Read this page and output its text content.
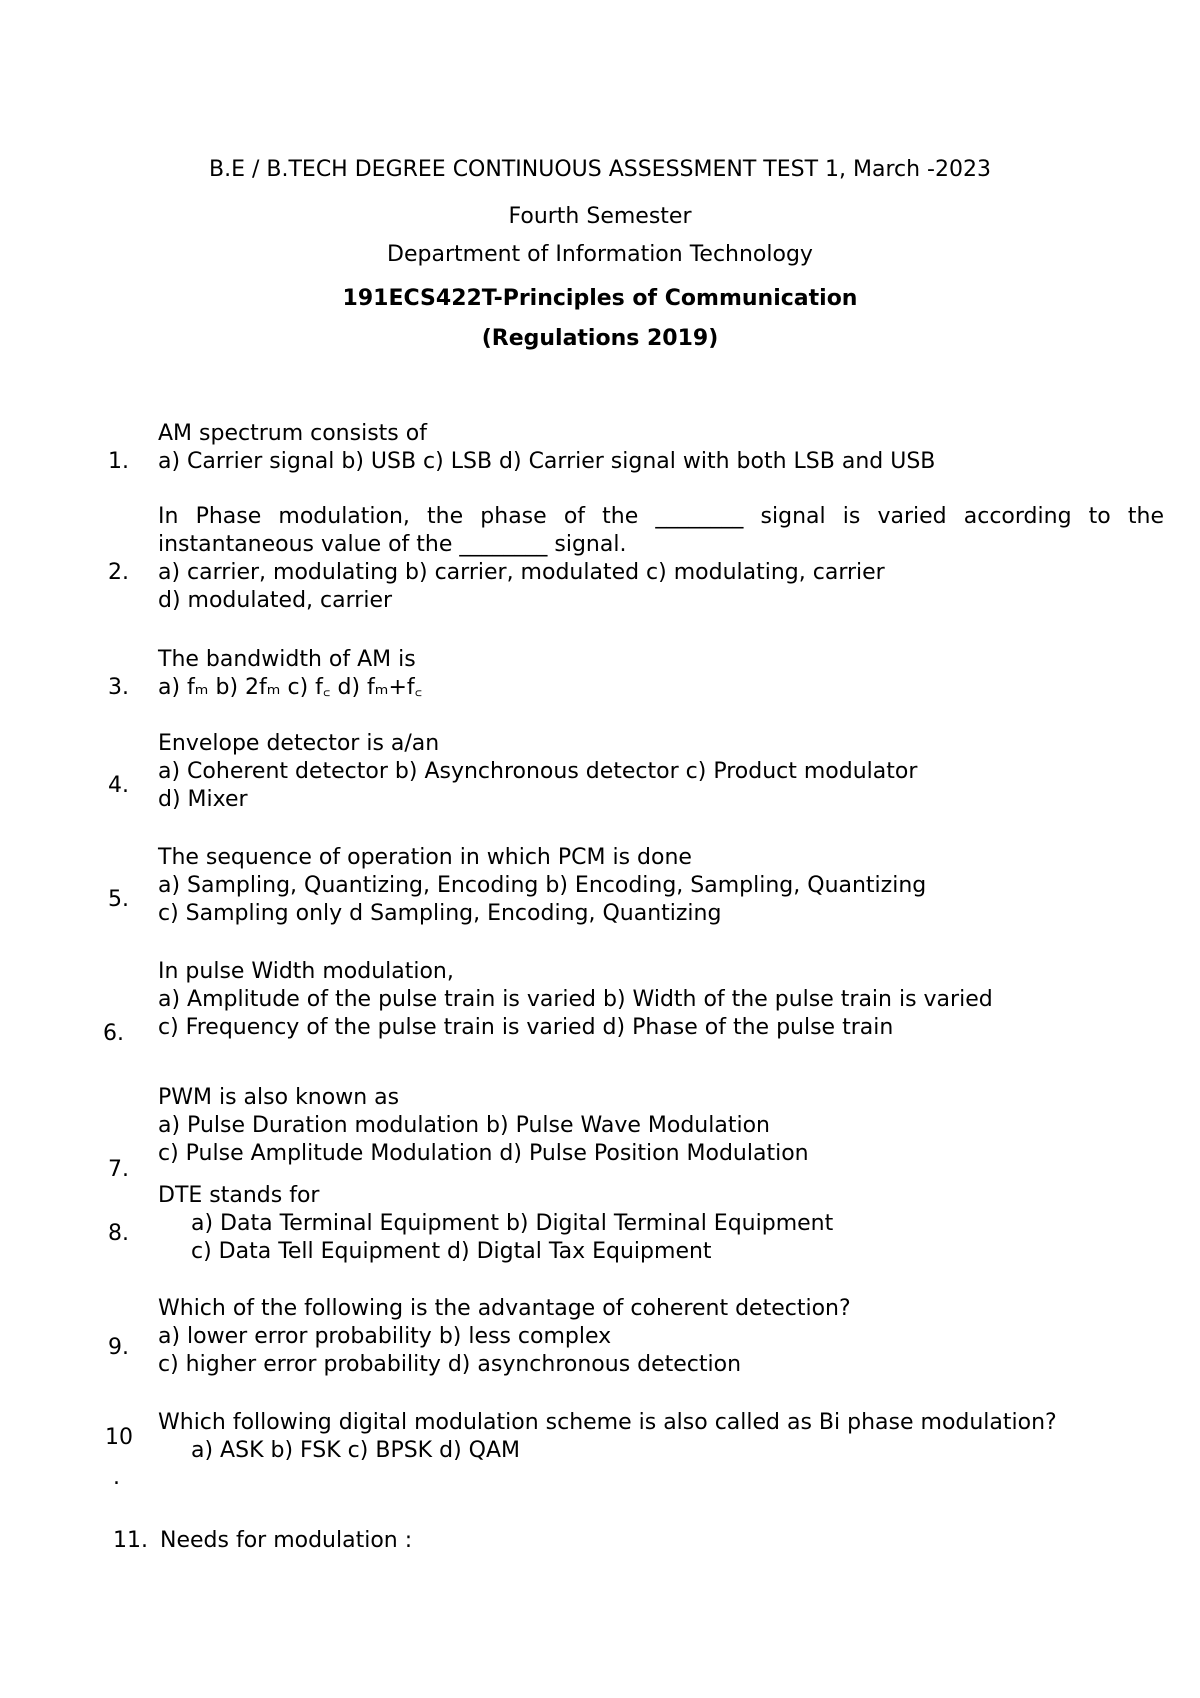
B.E / B.TECH DEGREE CONTINUOUS ASSESSMENT TEST 1, March -2023
Fourth Semester
Department of Information Technology
191ECS422T-Principles of Communication
(Regulations 2019)
1.
AM spectrum consists of
a) Carrier signal b) USB c) LSB d) Carrier signal with both LSB and USB
2.
In Phase modulation, the phase of the ________ signal is varied according to the
instantaneous value of the ________ signal.
a) carrier, modulating b) carrier, modulated c) modulating, carrier
d) modulated, carrier
3.
The bandwidth of AM is
a) fₘ b) 2fₘ c) f꜀ d) fₘ+f꜀
4.
Envelope detector is a/an
a) Coherent detector b) Asynchronous detector c) Product modulator
d) Mixer
5.
The sequence of operation in which PCM is done
a) Sampling, Quantizing, Encoding b) Encoding, Sampling, Quantizing
c) Sampling only d Sampling, Encoding, Quantizing
6.
In pulse Width modulation,
a) Amplitude of the pulse train is varied b) Width of the pulse train is varied
c) Frequency of the pulse train is varied d) Phase of the pulse train
7.
PWM is also known as
a) Pulse Duration modulation b) Pulse Wave Modulation
c) Pulse Amplitude Modulation d) Pulse Position Modulation
8.
DTE stands for
a) Data Terminal Equipment b) Digital Terminal Equipment
c) Data Tell Equipment d) Digtal Tax Equipment
9.
Which of the following is the advantage of coherent detection?
a) lower error probability b) less complex
c) higher error probability d) asynchronous detection
10
.
Which following digital modulation scheme is also called as Bi phase modulation?
a) ASK b) FSK c) BPSK d) QAM
11. Needs for modulation :
